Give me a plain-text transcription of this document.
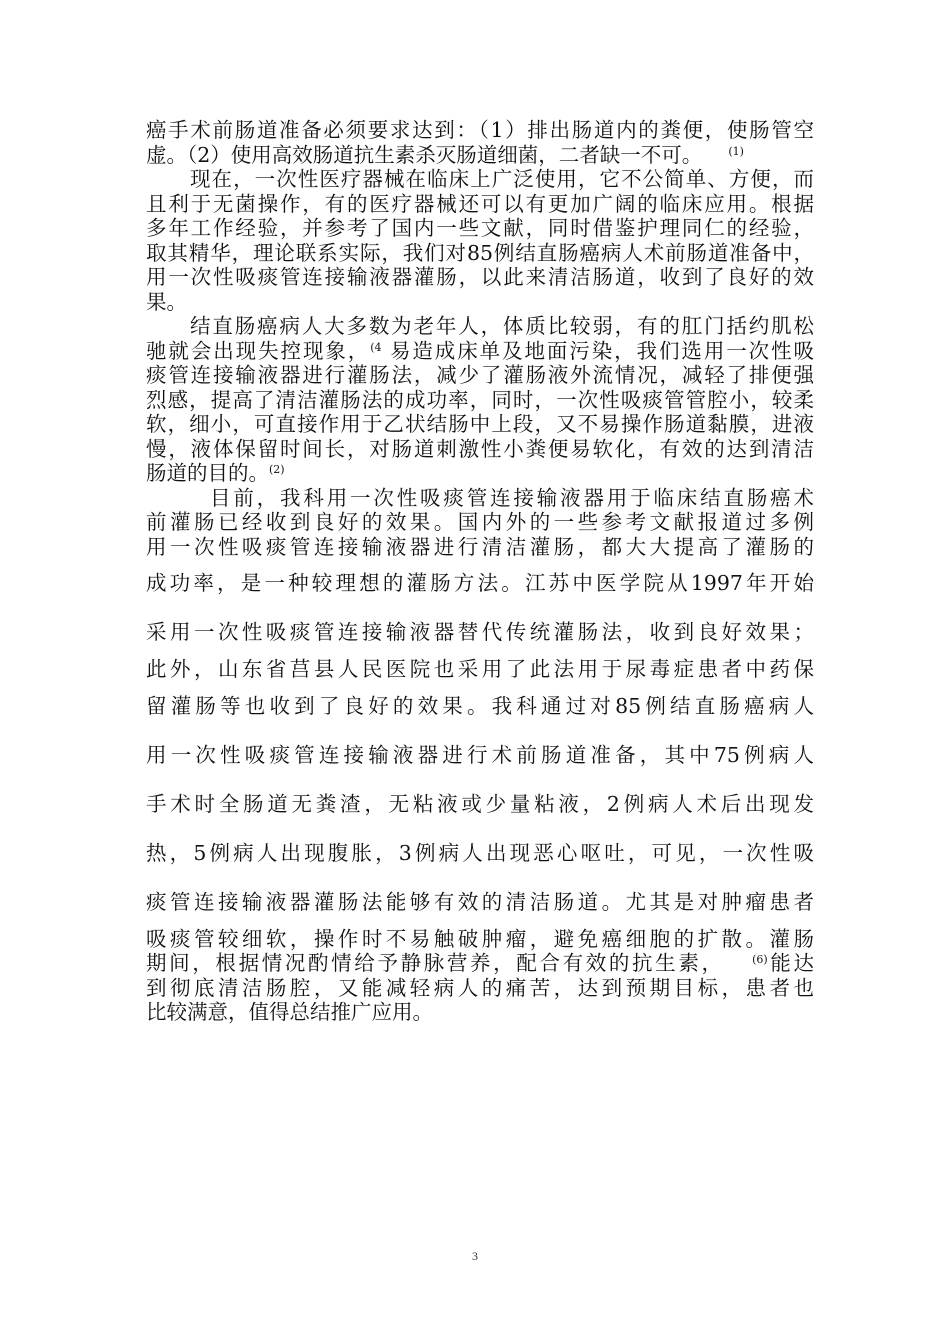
癌手术前肠道准备必须要求达到：（1）排出肠道内的粪便，使肠管空
虚。（2）使用高效肠道抗生素杀灭肠道细菌，二者缺一不可。 $^{(1)}$

现在，一次性医疗器械在临床上广泛使用，它不公简单、方便，而
且利于无菌操作，有的医疗器械还可以有更加广阔的临床应用。根据
多年工作经验，并参考了国内一些文献，同时借鉴护理同仁的经验，
取其精华，理论联系实际，我们对85例结直肠癌病人术前肠道准备中，
用一次性吸痰管连接输液器灌肠，以此来清洁肠道，收到了良好的效
果。

结直肠癌病人大多数为老年人，体质比较弱，有的肛门括约肌松
驰就会出现失控现象，$^{(4}$ 易造成床单及地面污染，我们选用一次性吸
痰管连接输液器进行灌肠法，减少了灌肠液外流情况，减轻了排便强
烈感，提高了清洁灌肠法的成功率，同时，一次性吸痰管管腔小，较柔
软，细小，可直接作用于乙状结肠中上段，又不易操作肠道黏膜，进液
慢，液体保留时间长，对肠道刺激性小粪便易软化，有效的达到清洁
肠道的目的。$^{(2)}$

目前，我科用一次性吸痰管连接输液器用于临床结直肠癌术
前灌肠已经收到良好的效果。国内外的一些参考文献报道过多例
用一次性吸痰管连接输液器进行清洁灌肠，都大大提高了灌肠的
成功率，是一种较理想的灌肠方法。江苏中医学院从1997年开始
采用一次性吸痰管连接输液器替代传统灌肠法，收到良好效果；
此外，山东省莒县人民医院也采用了此法用于尿毒症患者中药保
留灌肠等也收到了良好的效果。我科通过对85例结直肠癌病人
用一次性吸痰管连接输液器进行术前肠道准备，其中75例病人
手术时全肠道无粪渣，无粘液或少量粘液，2例病人术后出现发
热，5例病人出现腹胀，3例病人出现恶心呕吐，可见，一次性吸
痰管连接输液器灌肠法能够有效的清洁肠道。尤其是对肿瘤患者
吸痰管较细软，操作时不易触破肿瘤，避免癌细胞的扩散。灌肠
期间，根据情况酌情给予静脉营养，配合有效的抗生素， $^{(6)}$能达
到彻底清洁肠腔，又能减轻病人的痛苦，达到预期目标，患者也
比较满意，值得总结推广应用。

3
